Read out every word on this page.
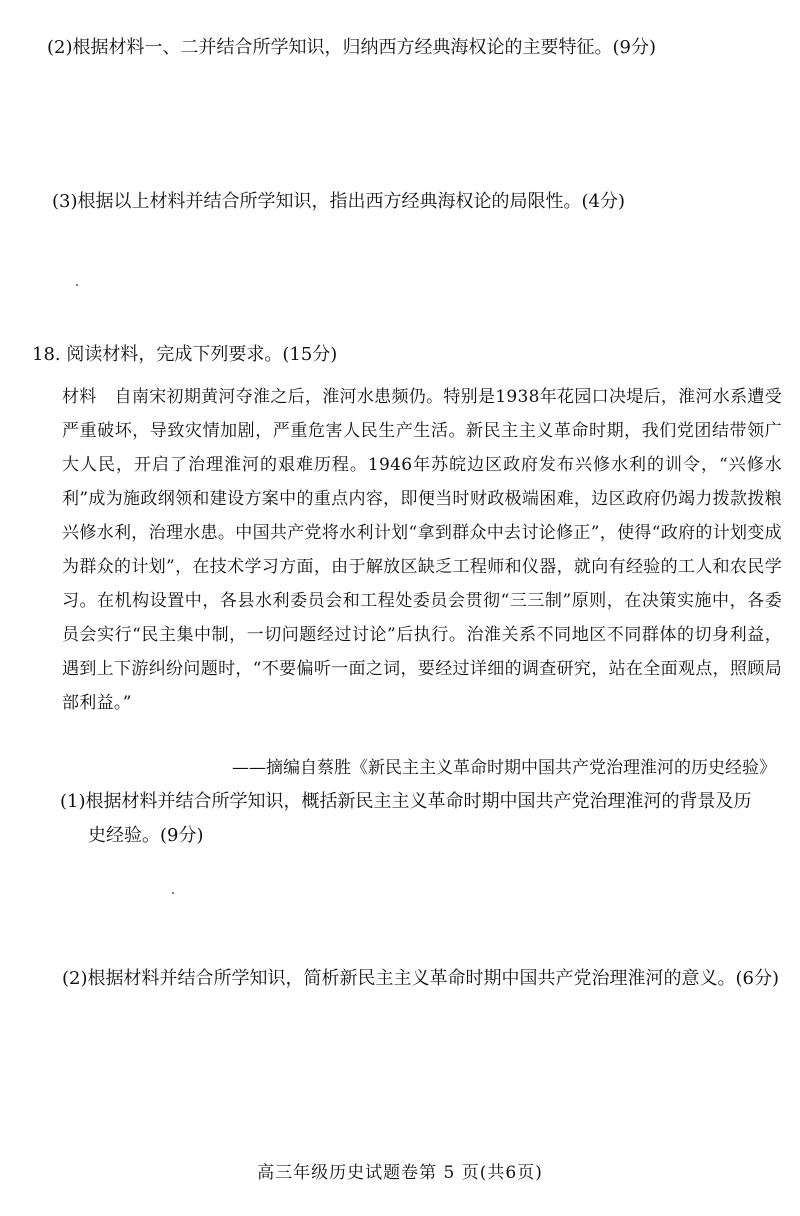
(2)根据材料一、二并结合所学知识，归纳西方经典海权论的主要特征。(9分)
(3)根据以上材料并结合所学知识，指出西方经典海权论的局限性。(4分)
18. 阅读材料，完成下列要求。(15分)
材料 自南宋初期黄河夺淮之后，淮河水患频仍。特别是1938年花园口决堤后，淮河水系遭受严重破坏，导致灾情加剧，严重危害人民生产生活。新民主主义革命时期，我们党团结带领广大人民，开启了治理淮河的艰难历程。1946年苏皖边区政府发布兴修水利的训令，“兴修水利”成为施政纲领和建设方案中的重点内容，即便当时财政极端困难，边区政府仍竭力拨款拨粮兴修水利，治理水患。中国共产党将水利计划“拿到群众中去讨论修正”，使得“政府的计划变成为群众的计划”，在技术学习方面，由于解放区缺乏工程师和仪器，就向有经验的工人和农民学习。在机构设置中，各县水利委员会和工程处委员会贯彻“三三制”原则，在决策实施中，各委员会实行“民主集中制，一切问题经过讨论”后执行。治淮关系不同地区不同群体的切身利益，遇到上下游纠纷问题时，“不要偏听一面之词，要经过详细的调查研究，站在全面观点，照顾局部利益。”
——摘编自蔡胜《新民主主义革命时期中国共产党治理淮河的历史经验》
(1)根据材料并结合所学知识，概括新民主主义革命时期中国共产党治理淮河的背景及历
史经验。(9分)
(2)根据材料并结合所学知识，简析新民主主义革命时期中国共产党治理淮河的意义。(6分)
高三年级历史试题卷第 5 页(共6页)
